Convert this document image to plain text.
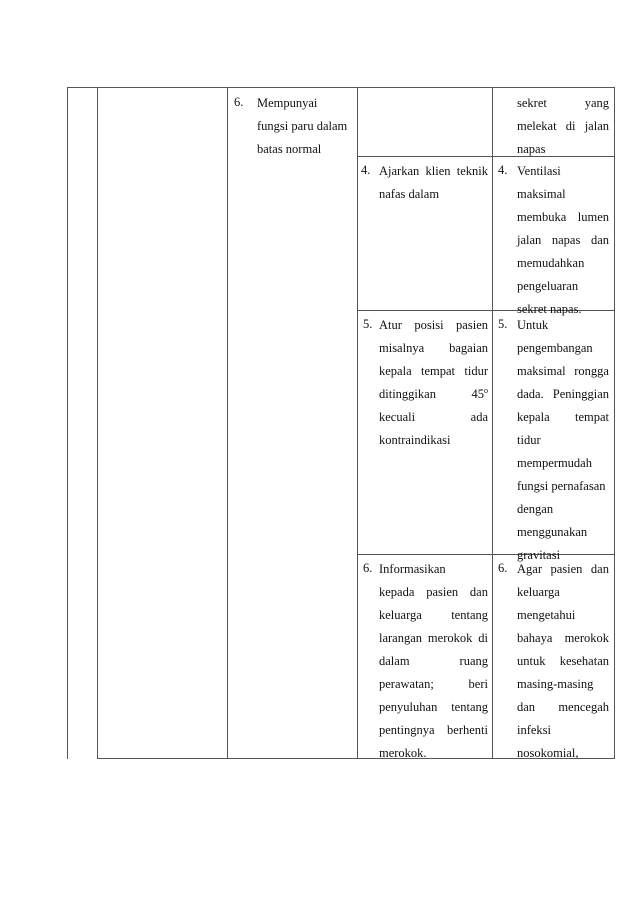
6. Mempunyai
fungsi paru dalam
batas normal
sekret yang
melekat di jalan
napas
4. Ajarkan klien teknik
nafas dalam
4. Ventilasi
maksimal
membuka lumen
jalan napas dan
memudahkan
pengeluaran
sekret napas.
5. Atur posisi pasien
misalnya bagaian
kepala tempat tidur
ditinggikan 45$^o$
kecuali ada
kontraindikasi
5. Untuk
pengembangan
maksimal rongga
dada. Peninggian
kepala tempat
tidur
mempermudah
fungsi pernafasan
dengan
menggunakan
gravitasi
6. Informasikan
kepada pasien dan
keluarga tentang
larangan merokok di
dalam ruang
perawatan; beri
penyuluhan tentang
pentingnya berhenti
merokok.
6. Agar pasien dan
keluarga
mengetahui
bahaya merokok
untuk kesehatan
masing-masing
dan mencegah
infeksi
nosokomial,
